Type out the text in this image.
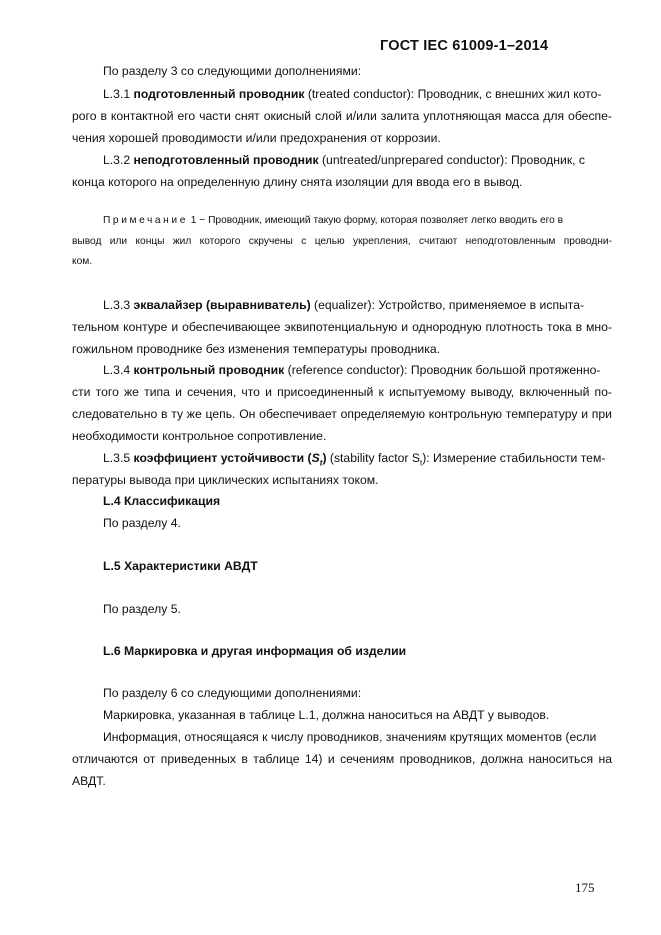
ГОСТ IEC 61009-1–2014
По разделу 3 со следующими дополнениями:
L.3.1 подготовленный проводник (treated conductor): Проводник, с внешних жил кото-
рого в контактной его части снят окисный слой и/или залита уплотняющая масса для обеспе-
чения хорошей проводимости и/или предохранения от коррозии.
L.3.2 неподготовленный проводник (untreated/unprepared conductor): Проводник, с
конца которого на определенную длину снята изоляции для ввода его в вывод.
Примечание 1 − Проводник, имеющий такую форму, которая позволяет легко вводить его в
вывод или концы жил которого скручены с целью укрепления, считают неподготовленным проводни-
ком.
L.3.3 эквалайзер (выравниватель) (equalizer): Устройство, применяемое в испыта-
тельном контуре и обеспечивающее эквипотенциальную и однородную плотность тока в мно-
гожильном проводнике без изменения температуры проводника.
L.3.4 контрольный проводник (reference conductor): Проводник большой протяженно-
сти того же типа и сечения, что и присоединенный к испытуемому выводу, включенный по-
следовательно в ту же цепь. Он обеспечивает определяемую контрольную температуру и при
необходимости контрольное сопротивление.
L.3.5 коэффициент устойчивости $(S_t)$ (stability factor $S_t$): Измерение стабильности тем-
пературы вывода при циклических испытаниях током.
L.4 Классификация
По разделу 4.
L.5 Характеристики АВДТ
По разделу 5.
L.6 Маркировка и другая информация об изделии
По разделу 6 со следующими дополнениями:
Маркировка, указанная в таблице L.1, должна наноситься на АВДТ у выводов.
Информация, относящаяся к числу проводников, значениям крутящих моментов (если
отличаются от приведенных в таблице 14) и сечениям проводников, должна наноситься на
АВДТ.
175
